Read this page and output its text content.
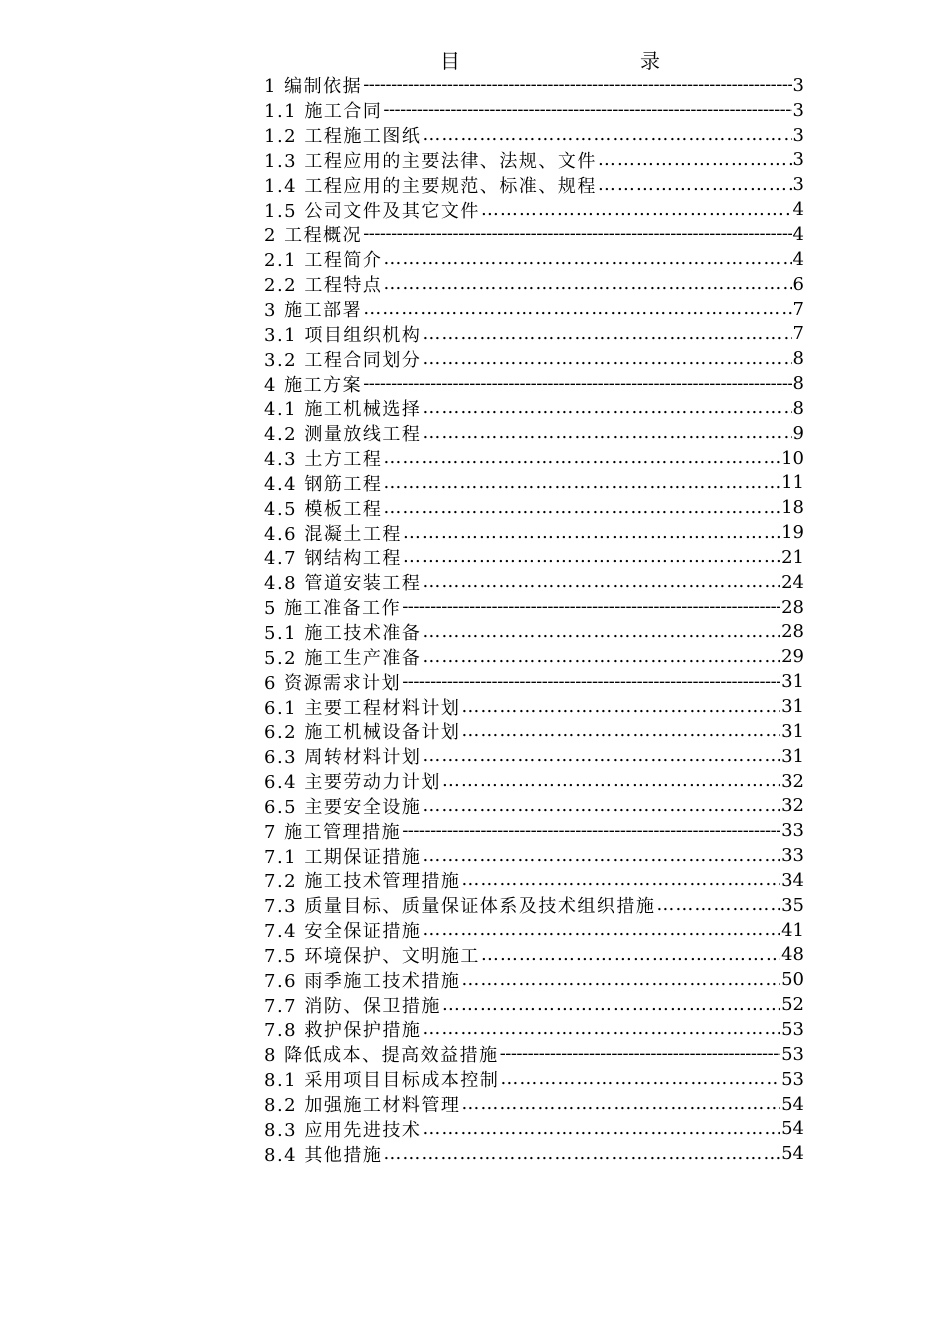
目	录
1 编制依据 -----	3
1.1 施工合同 -----	3
1.2 工程施工图纸 …………………………………………………………………………………………………………………………………………………………………………………	3
1.3 工程应用的主要法律、法规、文件 …………………………………………………………………………………………………………………………………………………………………………………	3
1.4 工程应用的主要规范、标准、规程 …………………………………………………………………………………………………………………………………………………………………………………	3
1.5 公司文件及其它文件 …………………………………………………………………………………………………………………………………………………………………………………	4
2 工程概况 -----	4
2.1 工程简介 …………………………………………………………………………………………………………………………………………………………………………………	4
2.2 工程特点 …………………………………………………………………………………………………………………………………………………………………………………	6
3 施工部署 …………………………………………………………………………………………………………………………………………………………………………………	7
3.1 项目组织机构 …………………………………………………………………………………………………………………………………………………………………………………	7
3.2 工程合同划分 …………………………………………………………………………………………………………………………………………………………………………………	8
4 施工方案 -----	8
4.1 施工机械选择 …………………………………………………………………………………………………………………………………………………………………………………	8
4.2 测量放线工程 …………………………………………………………………………………………………………………………………………………………………………………	9
4.3 土方工程 …………………………………………………………………………………………………………………………………………………………………………………	10
4.4 钢筋工程 …………………………………………………………………………………………………………………………………………………………………………………	11
4.5 模板工程 …………………………………………………………………………………………………………………………………………………………………………………	18
4.6 混凝土工程 …………………………………………………………………………………………………………………………………………………………………………………	19
4.7 钢结构工程 …………………………………………………………………………………………………………………………………………………………………………………	21
4.8 管道安装工程 …………………………………………………………………………………………………………………………………………………………………………………	24
5 施工准备工作 -----	28
5.1 施工技术准备 …………………………………………………………………………………………………………………………………………………………………………………	28
5.2 施工生产准备 …………………………………………………………………………………………………………………………………………………………………………………	29
6 资源需求计划 -----	31
6.1 主要工程材料计划 …………………………………………………………………………………………………………………………………………………………………………………	31
6.2 施工机械设备计划 …………………………………………………………………………………………………………………………………………………………………………………	31
6.3 周转材料计划 …………………………………………………………………………………………………………………………………………………………………………………	31
6.4 主要劳动力计划 …………………………………………………………………………………………………………………………………………………………………………………	32
6.5 主要安全设施 …………………………………………………………………………………………………………………………………………………………………………………	32
7 施工管理措施 -----	33
7.1 工期保证措施 …………………………………………………………………………………………………………………………………………………………………………………	33
7.2 施工技术管理措施 …………………………………………………………………………………………………………………………………………………………………………………	34
7.3 质量目标、质量保证体系及技术组织措施 …………………………………………………………………………………………………………………………………………………………………………………	35
7.4 安全保证措施 …………………………………………………………………………………………………………………………………………………………………………………	41
7.5 环境保护、文明施工 …………………………………………………………………………………………………………………………………………………………………………………	48
7.6 雨季施工技术措施 …………………………………………………………………………………………………………………………………………………………………………………	50
7.7 消防、保卫措施 …………………………………………………………………………………………………………………………………………………………………………………	52
7.8 救护保护措施 …………………………………………………………………………………………………………………………………………………………………………………	53
8 降低成本、提高效益措施 -----	53
8.1 采用项目目标成本控制 …………………………………………………………………………………………………………………………………………………………………………………	53
8.2 加强施工材料管理 …………………………………………………………………………………………………………………………………………………………………………………	54
8.3 应用先进技术 …………………………………………………………………………………………………………………………………………………………………………………	54
8.4 其他措施 …………………………………………………………………………………………………………………………………………………………………………………	54
